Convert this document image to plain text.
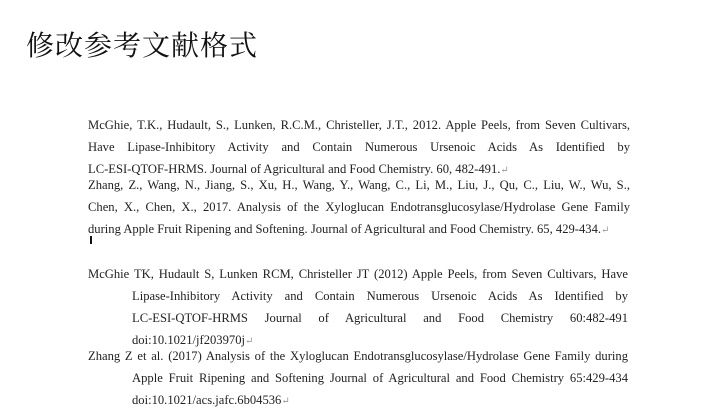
修改参考文献格式
McGhie, T.K., Hudault, S., Lunken, R.C.M., Christeller, J.T., 2012. Apple Peels, from Seven Cultivars,
Have Lipase-Inhibitory Activity and Contain Numerous Ursenoic Acids As Identified by
LC-ESI-QTOF-HRMS. Journal of Agricultural and Food Chemistry. 60, 482-491.↵
Zhang, Z., Wang, N., Jiang, S., Xu, H., Wang, Y., Wang, C., Li, M., Liu, J., Qu, C., Liu, W., Wu, S.,
Chen, X., Chen, X., 2017. Analysis of the Xyloglucan Endotransglucosylase/Hydrolase Gene Family
during Apple Fruit Ripening and Softening. Journal of Agricultural and Food Chemistry. 65, 429-434.↵
McGhie TK, Hudault S, Lunken RCM, Christeller JT (2012) Apple Peels, from Seven Cultivars, Have
Lipase-Inhibitory Activity and Contain Numerous Ursenoic Acids As Identified by
LC-ESI-QTOF-HRMS Journal of Agricultural and Food Chemistry 60:482-491
doi:10.1021/jf203970j↵
Zhang Z et al. (2017) Analysis of the Xyloglucan Endotransglucosylase/Hydrolase Gene Family during
Apple Fruit Ripening and Softening Journal of Agricultural and Food Chemistry 65:429-434
doi:10.1021/acs.jafc.6b04536↵
